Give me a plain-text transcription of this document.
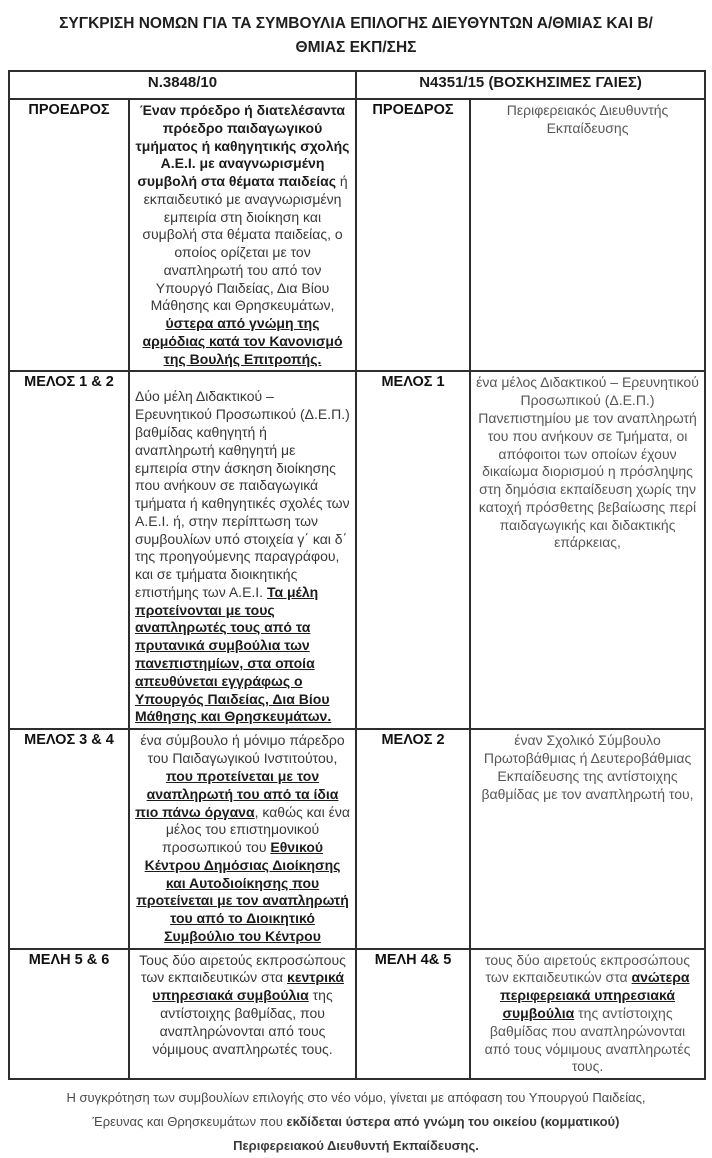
ΣΥΓΚΡΙΣΗ ΝΟΜΩΝ ΓΙΑ ΤΑ ΣΥΜΒΟΥΛΙΑ ΕΠΙΛΟΓΗΣ ΔΙΕΥΘΥΝΤΩΝ Α/ΘΜΙΑΣ ΚΑΙ Β/ΘΜΙΑΣ ΕΚΠ/ΣΗΣ
Ν.3848/10		Ν4351/15 (ΒΟΣΚΗΣΙΜΕΣ ΓΑΙΕΣ)	
ΠΡΟΕΔΡΟΣ	Έναν πρόεδρο ή διατελέσαντα πρόεδρο παιδαγωγικού τμήματος ή καθηγητικής σχολής Α.Ε.Ι. με αναγνωρισμένη συμβολή στα θέματα παιδείας ή εκπαιδευτικό με αναγνωρισμένη εμπειρία στη διοίκηση και συμβολή στα θέματα παιδείας, ο οποίος ορίζεται με τον αναπληρωτή του από τον Υπουργό Παιδείας, Δια Βίου Μάθησης και Θρησκευμάτων, ύστερα από γνώμη της αρμόδιας κατά τον Κανονισμό της Βουλής Επιτροπής.	ΠΡΟΕΔΡΟΣ	Περιφερειακός Διευθυντής Εκπαίδευσης
ΜΕΛΟΣ 1 & 2	Δύο μέλη Διδακτικού – Ερευνητικού Προσωπικού (Δ.Ε.Π.) βαθμίδας καθηγητή ή αναπληρωτή καθηγητή με εμπειρία στην άσκηση διοίκησης που ανήκουν σε παιδαγωγικά τμήματα ή καθηγητικές σχολές των Α.Ε.Ι. ή, στην περίπτωση των συμβουλίων υπό στοιχεία γ΄ και δ΄ της προηγούμενης παραγράφου, και σε τμήματα διοικητικής επιστήμης των Α.Ε.Ι. Τα μέλη προτείνονται με τους αναπληρωτές τους από τα πρυτανικά συμβούλια των πανεπιστημίων, στα οποία απευθύνεται εγγράφως ο Υπουργός Παιδείας, Δια Βίου Μάθησης και Θρησκευμάτων.	ΜΕΛΟΣ 1	ένα μέλος Διδακτικού – Ερευνητικού Προσωπικού (Δ.Ε.Π.) Πανεπιστημίου με τον αναπληρωτή του που ανήκουν σε Τμήματα, οι απόφοιτοι των οποίων έχουν δικαίωμα διορισμού η πρόσληψης στη δημόσια εκπαίδευση χωρίς την κατοχή πρόσθετης βεβαίωσης περί παιδαγωγικής και διδακτικής επάρκειας,
ΜΕΛΟΣ 3 & 4	ένα σύμβουλο ή μόνιμο πάρεδρο του Παιδαγωγικού Ινστιτούτου, που προτείνεται με τον αναπληρωτή του από τα ίδια πιο πάνω όργανα, καθώς και ένα μέλος του επιστημονικού προσωπικού του Εθνικού Κέντρου Δημόσιας Διοίκησης και Αυτοδιοίκησης που προτείνεται με τον αναπληρωτή του από το Διοικητικό Συμβούλιο του Κέντρου	ΜΕΛΟΣ 2	έναν Σχολικό Σύμβουλο Πρωτοβάθμιας ή Δευτεροβάθμιας Εκπαίδευσης της αντίστοιχης βαθμίδας με τον αναπληρωτή του,
ΜΕΛΗ 5 & 6	Τους δύο αιρετούς εκπροσώπους των εκπαιδευτικών στα κεντρικά υπηρεσιακά συμβούλια της αντίστοιχης βαθμίδας, που αναπληρώνονται από τους νόμιμους αναπληρωτές τους.	ΜΕΛΗ 4& 5	τους δύο αιρετούς εκπροσώπους των εκπαιδευτικών στα ανώτερα περιφερειακά υπηρεσιακά συμβούλια της αντίστοιχης βαθμίδας που αναπληρώνονται από τους νόμιμους αναπληρωτές τους.
Η συγκρότηση των συμβουλίων επιλογής στο νέο νόμο, γίνεται με απόφαση του Υπουργού Παιδείας, Έρευνας και Θρησκευμάτων που εκδίδεται ύστερα από γνώμη του οικείου (κομματικού) Περιφερειακού Διευθυντή Εκπαίδευσης.
